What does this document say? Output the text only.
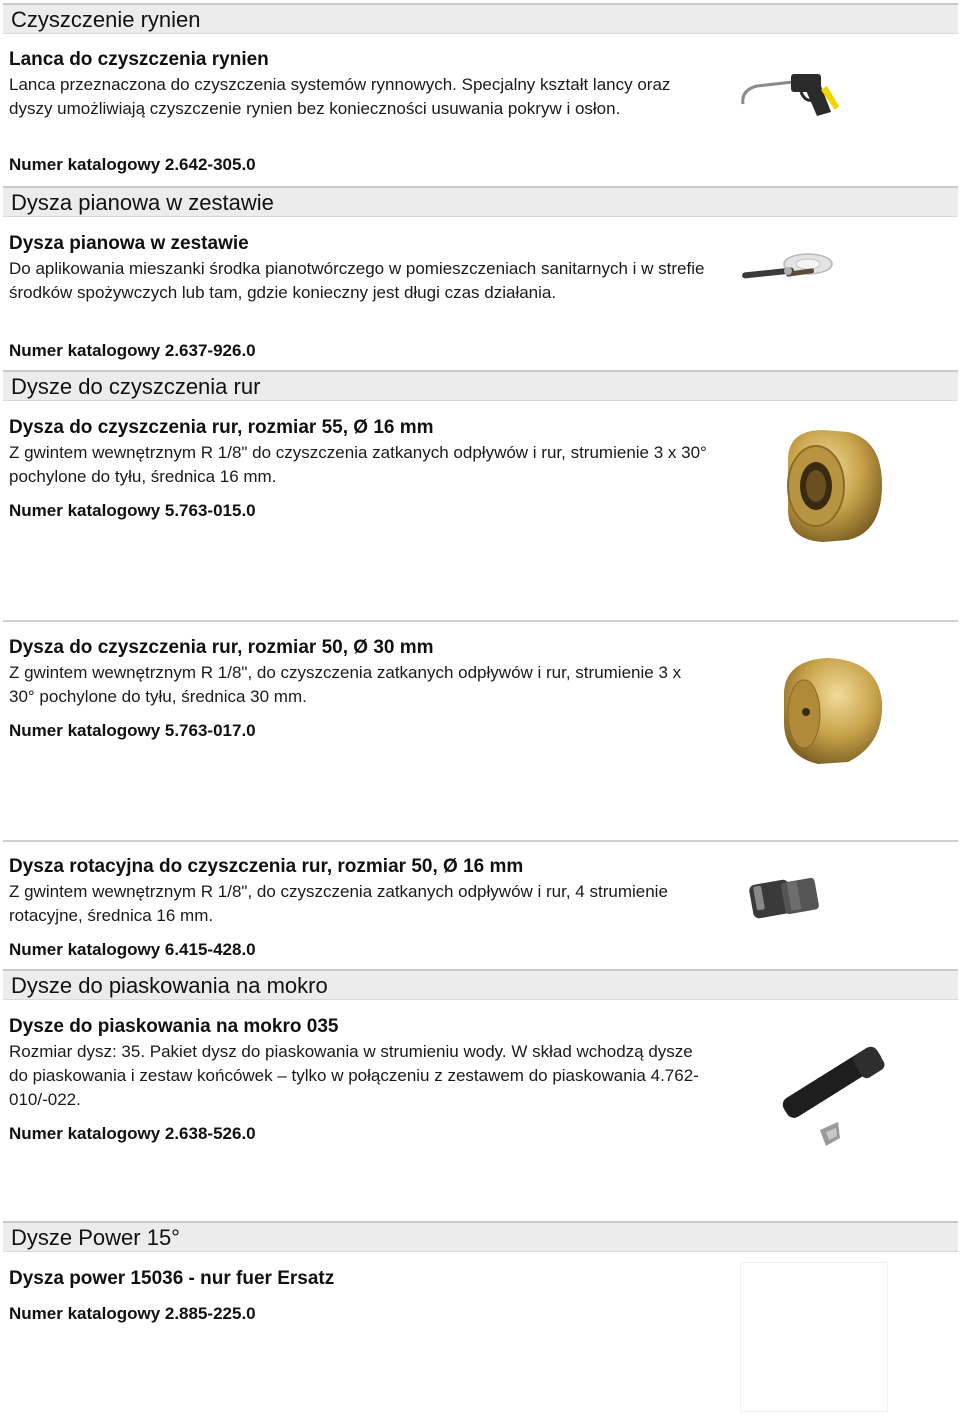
Czyszczenie rynien
Lanca do czyszczenia rynien
Lanca przeznaczona do czyszczenia systemów rynnowych. Specjalny kształt lancy oraz dyszy umożliwiają czyszczenie rynien bez konieczności usuwania pokryw i osłon.
Numer katalogowy 2.642-305.0
Dysza pianowa w zestawie
Dysza pianowa w zestawie
Do aplikowania mieszanki środka pianotwórczego w pomieszczeniach sanitarnych i w strefie środków spożywczych lub tam, gdzie konieczny jest długi czas działania.
Numer katalogowy 2.637-926.0
Dysze do czyszczenia rur
Dysza do czyszczenia rur, rozmiar 55, Ø 16 mm
Z gwintem wewnętrznym R 1/8" do czyszczenia zatkanych odpływów i rur, strumienie 3 x 30° pochylone do tyłu, średnica 16 mm.
Numer katalogowy 5.763-015.0
Dysza do czyszczenia rur, rozmiar 50, Ø 30 mm
Z gwintem wewnętrznym R 1/8", do czyszczenia zatkanych odpływów i rur, strumienie 3 x 30° pochylone do tyłu, średnica 30 mm.
Numer katalogowy 5.763-017.0
Dysza rotacyjna do czyszczenia rur, rozmiar 50, Ø 16 mm
Z gwintem wewnętrznym R 1/8", do czyszczenia zatkanych odpływów i rur, 4 strumienie rotacyjne, średnica 16 mm.
Numer katalogowy 6.415-428.0
Dysze do piaskowania na mokro
Dysze do piaskowania na mokro 035
Rozmiar dysz: 35. Pakiet dysz do piaskowania w strumieniu wody. W skład wchodzą dysze do piaskowania i zestaw końcówek – tylko w połączeniu z zestawem do piaskowania 4.762-010/-022.
Numer katalogowy 2.638-526.0
Dysze Power 15°
Dysza power 15036 - nur fuer Ersatz
Numer katalogowy 2.885-225.0
